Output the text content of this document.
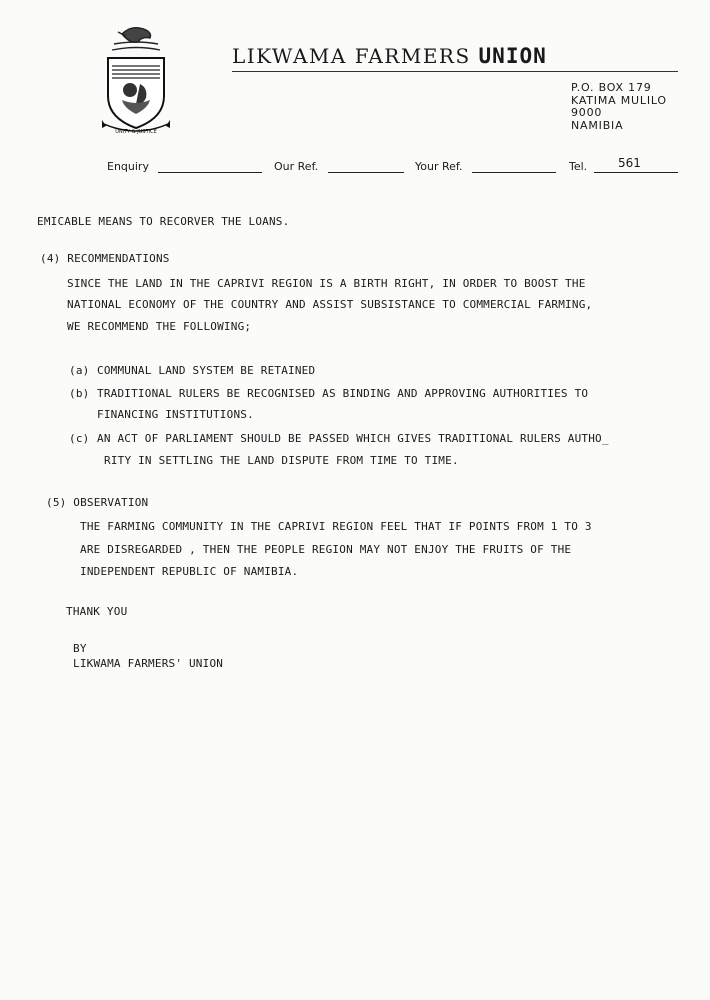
UNITY & JUSTICE
LIKWAMA FARMERS UNION
P.O. BOX 179
KATIMA MULILO
9000
NAMIBIA
Enquiry	Our Ref.	Your Ref.	Tel.	561
EMICABLE MEANS TO RECORVER THE LOANS.
(4) RECOMMENDATIONS
SINCE THE LAND IN THE CAPRIVI REGION IS A BIRTH RIGHT, IN ORDER TO BOOST THE
NATIONAL ECONOMY OF THE COUNTRY AND ASSIST SUBSISTANCE TO COMMERCIAL FARMING,
WE RECOMMEND THE FOLLOWING;
(a) COMMUNAL LAND SYSTEM BE RETAINED
(b) TRADITIONAL RULERS BE RECOGNISED AS BINDING AND APPROVING AUTHORITIES TO
FINANCING INSTITUTIONS.
(c) AN ACT OF PARLIAMENT SHOULD BE PASSED WHICH GIVES TRADITIONAL RULERS AUTHO_
RITY IN SETTLING THE LAND DISPUTE FROM TIME TO TIME.
(5) OBSERVATION
THE FARMING COMMUNITY IN THE CAPRIVI REGION FEEL THAT IF POINTS FROM 1 TO 3
ARE DISREGARDED , THEN THE PEOPLE REGION MAY NOT ENJOY THE FRUITS OF THE
INDEPENDENT REPUBLIC OF NAMIBIA.
THANK YOU
BY
LIKWAMA FARMERS' UNION
